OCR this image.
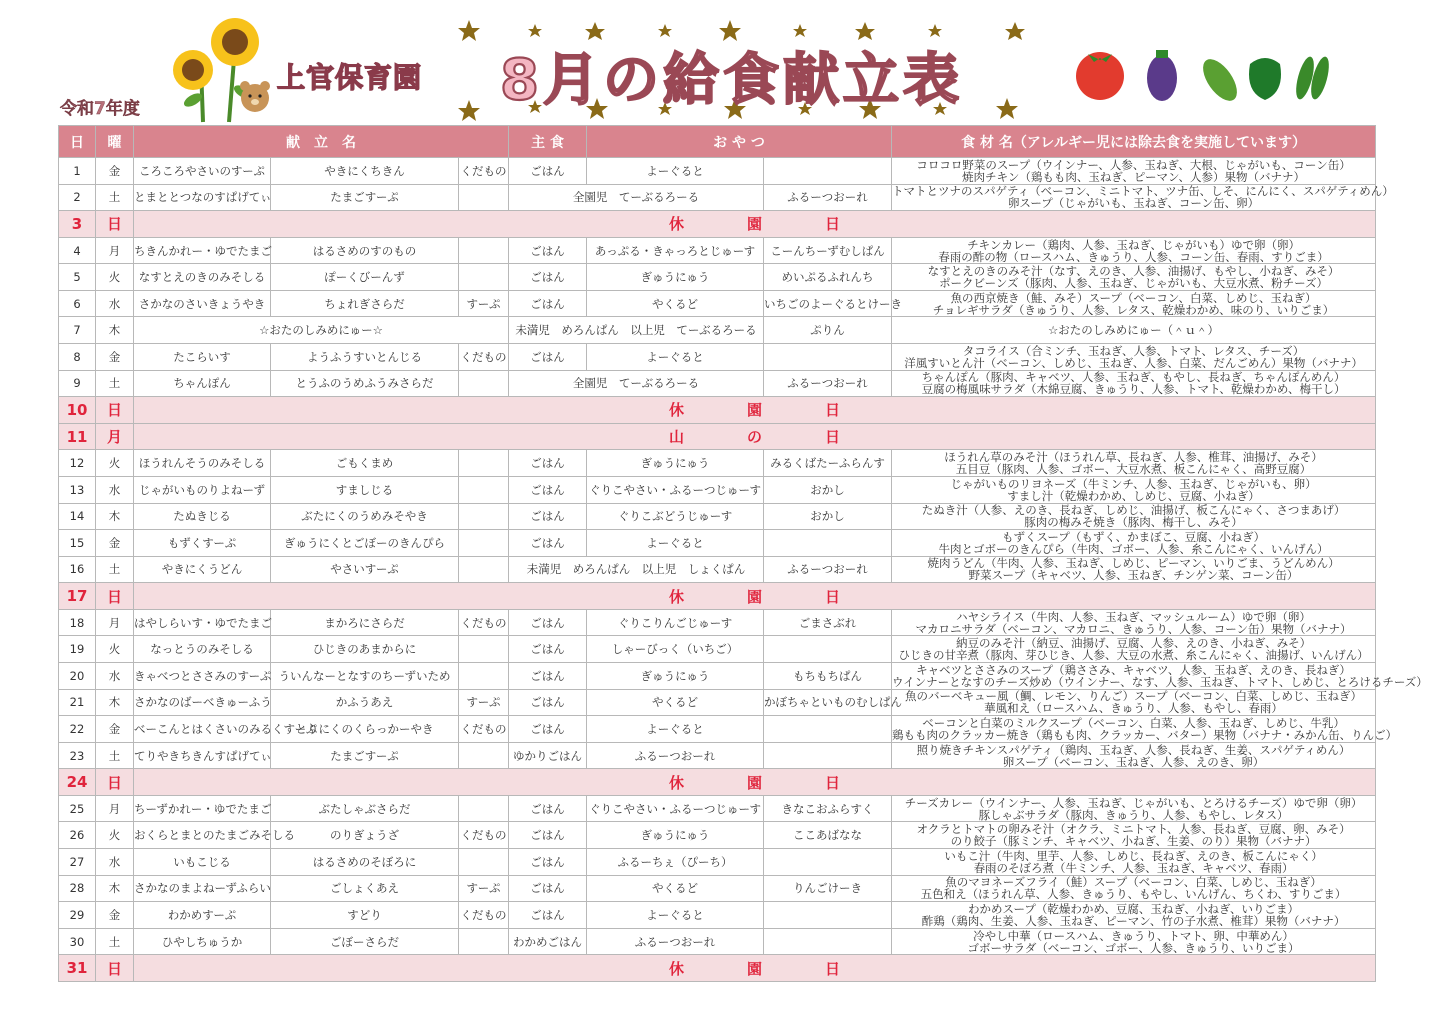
令和7年度
上官保育園 8月の給食献立表
日	曜	献　立　名			主 食	お や つ		食 材 名（アレルギー児には除去食を実施しています）
1	金	ころころやさいのすーぷ	やきにくちきん	くだもの	ごはん	よーぐると		コロコロ野菜のスープ（ウインナー、人参、玉ねぎ、大根、じゃがいも、コーン缶）
焼肉チキン（鶏もも肉、玉ねぎ、ピーマン、人参）果物（バナナ）

2	土	とまととつなのすぱげてぃ	たまごすーぷ		全園児　てーぶるろーる		ふるーつおーれ	トマトとツナのスパゲティ（ベーコン、ミニトマト、ツナ缶、しそ、にんにく、スパゲティめん）
卵スープ（じゃがいも、玉ねぎ、コーン缶、卵）

3	日	休 園 日						
4	月	ちきんかれー・ゆでたまご	はるさめのすのもの		ごはん	あっぷる・きゃっろとじゅーす	こーんちーずむしぱん	チキンカレー（鶏肉、人参、玉ねぎ、じゃがいも）ゆで卵（卵）
春雨の酢の物（ロースハム、きゅうり、人参、コーン缶、春雨、すりごま）

5	火	なすとえのきのみそしる	ぽーくびーんず		ごはん	ぎゅうにゅう	めいぷるふれんち	なすとえのきのみそ汁（なす、えのき、人参、油揚げ、もやし、小ねぎ、みそ）
ポークビーンズ（豚肉、人参、玉ねぎ、じゃがいも、大豆水煮、粉チーズ）

6	水	さかなのさいきょうやき	ちょれぎさらだ	すーぷ	ごはん	やくるど	いちごのよーぐるとけーき	魚の西京焼き（鮭、みそ）スープ（ベーコン、白菜、しめじ、玉ねぎ）
チョレギサラダ（きゅうり、人参、レタス、乾燥わかめ、味のり、いりごま）

7	木	☆おたのしみめにゅー☆			未満児　めろんぱん　以上児　てーぶるろーる		ぷりん	☆おたのしみめにゅー（＾ｕ＾）
8	金	たこらいす	ようふうすいとんじる	くだもの	ごはん	よーぐると		タコライス（合ミンチ、玉ねぎ、人参、トマト、レタス、チーズ）
洋風すいとん汁（ベーコン、しめじ、玉ねぎ、人参、白菜、だんごめん）果物（バナナ）

9	土	ちゃんぽん	とうふのうめふうみさらだ		全園児　てーぶるろーる		ふるーつおーれ	ちゃんぽん（豚肉、キャベツ、人参、玉ねぎ、もやし、長ねぎ、ちゃんぽんめん）
豆腐の梅風味サラダ（木綿豆腐、きゅうり、人参、トマト、乾燥わかめ、梅干し）

10	日	休 園 日						
11	月	山 の 日						
12	火	ほうれんそうのみそしる	ごもくまめ		ごはん	ぎゅうにゅう	みるくばたーふらんす	ほうれん草のみそ汁（ほうれん草、長ねぎ、人参、椎茸、油揚げ、みそ）
五目豆（豚肉、人参、ゴボー、大豆水煮、板こんにゃく、高野豆腐）

13	水	じゃがいものりよねーず	すましじる		ごはん	ぐりこやさい・ふるーつじゅーす	おかし	じゃがいものリヨネーズ（牛ミンチ、人参、玉ねぎ、じゃがいも、卵）
すまし汁（乾燥わかめ、しめじ、豆腐、小ねぎ）

14	木	たぬきじる	ぶたにくのうめみそやき		ごはん	ぐりこぶどうじゅーす	おかし	たぬき汁（人参、えのき、長ねぎ、しめじ、油揚げ、板こんにゃく、さつまあげ）
豚肉の梅みそ焼き（豚肉、梅干し、みそ）

15	金	もずくすーぷ	ぎゅうにくとごぼーのきんぴら		ごはん	よーぐると		もずくスープ（もずく、かまぼこ、豆腐、小ねぎ）
牛肉とゴボーのきんぴら（牛肉、ゴボー、人参、糸こんにゃく、いんげん）

16	土	やきにくうどん	やさいすーぷ		未満児　めろんぱん　以上児　しょくぱん		ふるーつおーれ	焼肉うどん（牛肉、人参、玉ねぎ、しめじ、ピーマン、いりごま、うどんめん）
野菜スープ（キャベツ、人参、玉ねぎ、チンゲン菜、コーン缶）

17	日	休 園 日						
18	月	はやしらいす・ゆでたまご	まかろにさらだ	くだもの	ごはん	ぐりこりんごじゅーす	ごまさぶれ	ハヤシライス（牛肉、人参、玉ねぎ、マッシュルーム）ゆで卵（卵）
マカロニサラダ（ベーコン、マカロニ、きゅうり、人参、コーン缶）果物（バナナ）

19	火	なっとうのみそしる	ひじきのあまからに		ごはん	しゃーびっく（いちご）		納豆のみそ汁（納豆、油揚げ、豆腐、人参、えのき、小ねぎ、みそ）
ひじきの甘辛煮（豚肉、芽ひじき、人参、大豆の水煮、糸こんにゃく、油揚げ、いんげん）

20	水	きゃべつとささみのすーぷ	ういんなーとなすのちーずいため		ごはん	ぎゅうにゅう	もちもちぱん	キャベツとささみのスープ（鶏ささみ、キャベツ、人参、玉ねぎ、えのき、長ねぎ）
ウインナーとなすのチーズ炒め（ウインナー、なす、人参、玉ねぎ、トマト、しめじ、とろけるチーズ）

21	木	さかなのばーべきゅーふう	かふうあえ	すーぷ	ごはん	やくるど	かぼちゃといものむしぱん	魚のバーベキュー風（鯛、レモン、りんご）スープ（ベーコン、白菜、しめじ、玉ねぎ）
華風和え（ロースハム、きゅうり、人参、もやし、春雨）

22	金	べーこんとはくさいのみるくすーぷ	とりにくのくらっかーやき	くだもの	ごはん	よーぐると		ベーコンと白菜のミルクスープ（ベーコン、白菜、人参、玉ねぎ、しめじ、牛乳）
鶏もも肉のクラッカー焼き（鶏もも肉、クラッカー、バター）果物（バナナ・みかん缶、りんご）

23	土	てりやきちきんすぱげてぃ	たまごすーぷ		ゆかりごはん	ふるーつおーれ		照り焼きチキンスパゲティ（鶏肉、玉ねぎ、人参、長ねぎ、生姜、スパゲティめん）
卵スープ（ベーコン、玉ねぎ、人参、えのき、卵）

24	日	休 園 日						
25	月	ちーずかれー・ゆでたまご	ぶたしゃぶさらだ		ごはん	ぐりこやさい・ふるーつじゅーす	きなこおふらすく	チーズカレー（ウインナー、人参、玉ねぎ、じゃがいも、とろけるチーズ）ゆで卵（卵）
豚しゃぶサラダ（豚肉、きゅうり、人参、もやし、レタス）

26	火	おくらとまとのたまごみそしる	のりぎょうざ	くだもの	ごはん	ぎゅうにゅう	ここあばなな	オクラとトマトの卵みそ汁（オクラ、ミニトマト、人参、長ねぎ、豆腐、卵、みそ）
のり餃子（豚ミンチ、キャベツ、小ねぎ、生姜、のり）果物（バナナ）

27	水	いもこじる	はるさめのそぼろに		ごはん	ふるーちぇ（ぴーち）		いもこ汁（牛肉、里芋、人参、しめじ、長ねぎ、えのき、板こんにゃく）
春雨のそぼろ煮（牛ミンチ、人参、玉ねぎ、キャベツ、春雨）

28	木	さかなのまよねーずふらい	ごしょくあえ	すーぷ	ごはん	やくるど	りんごけーき	魚のマヨネーズフライ（鮭）スープ（ベーコン、白菜、しめじ、玉ねぎ）
五色和え（ほうれん草、人参、きゅうり、もやし、いんげん、ちくわ、すりごま）

29	金	わかめすーぷ	すどり	くだもの	ごはん	よーぐると		わかめスープ（乾燥わかめ、豆腐、玉ねぎ、小ねぎ、いりごま）
酢鶏（鶏肉、生姜、人参、玉ねぎ、ピーマン、竹の子水煮、椎茸）果物（バナナ）

30	土	ひやしちゅうか	ごぼーさらだ		わかめごはん	ふるーつおーれ		冷やし中華（ロースハム、きゅうり、トマト、卵、中華めん）
ゴボーサラダ（ベーコン、ゴボー、人参、きゅうり、いりごま）

31	日	休 園 日						
